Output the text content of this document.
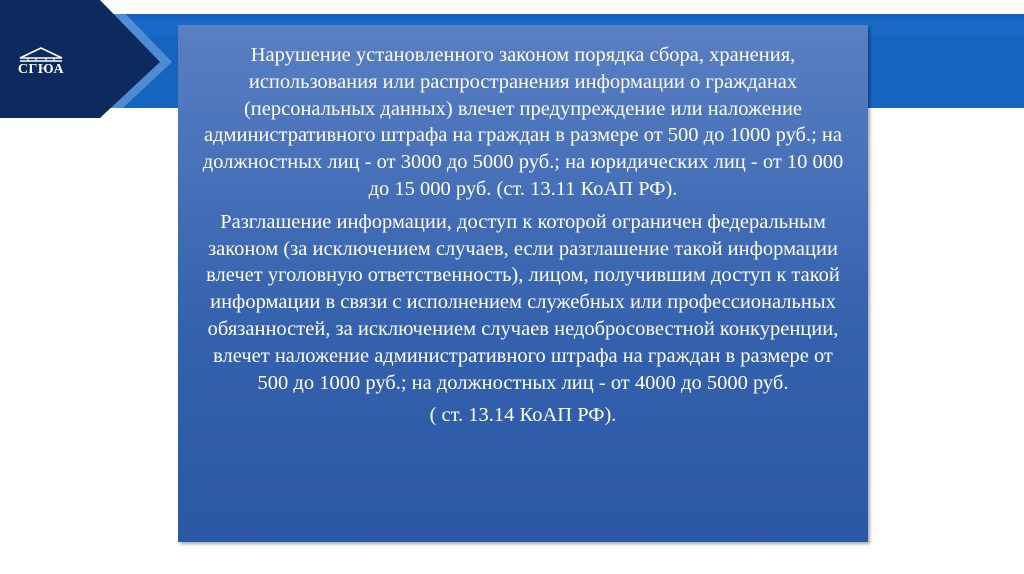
СГЮА

Нарушение установленного законом порядка сбора, хранения, использования или распространения информации о гражданах (персональных данных) влечет предупреждение или наложение административного штрафа на граждан в размере от 500 до 1000 руб.; на должностных лиц - от 3000 до 5000 руб.; на юридических лиц - от 10 000 до 15 000 руб. (ст. 13.11 КоАП РФ).

Разглашение информации, доступ к которой ограничен федеральным законом (за исключением случаев, если разглашение такой информации влечет уголовную ответственность), лицом, получившим доступ к такой информации в связи с исполнением служебных или профессиональных обязанностей, за исключением случаев недобросовестной конкуренции, влечет наложение административного штрафа на граждан в размере от 500 до 1000 руб.; на должностных лиц - от 4000 до 5000 руб.

( ст. 13.14 КоАП РФ).
